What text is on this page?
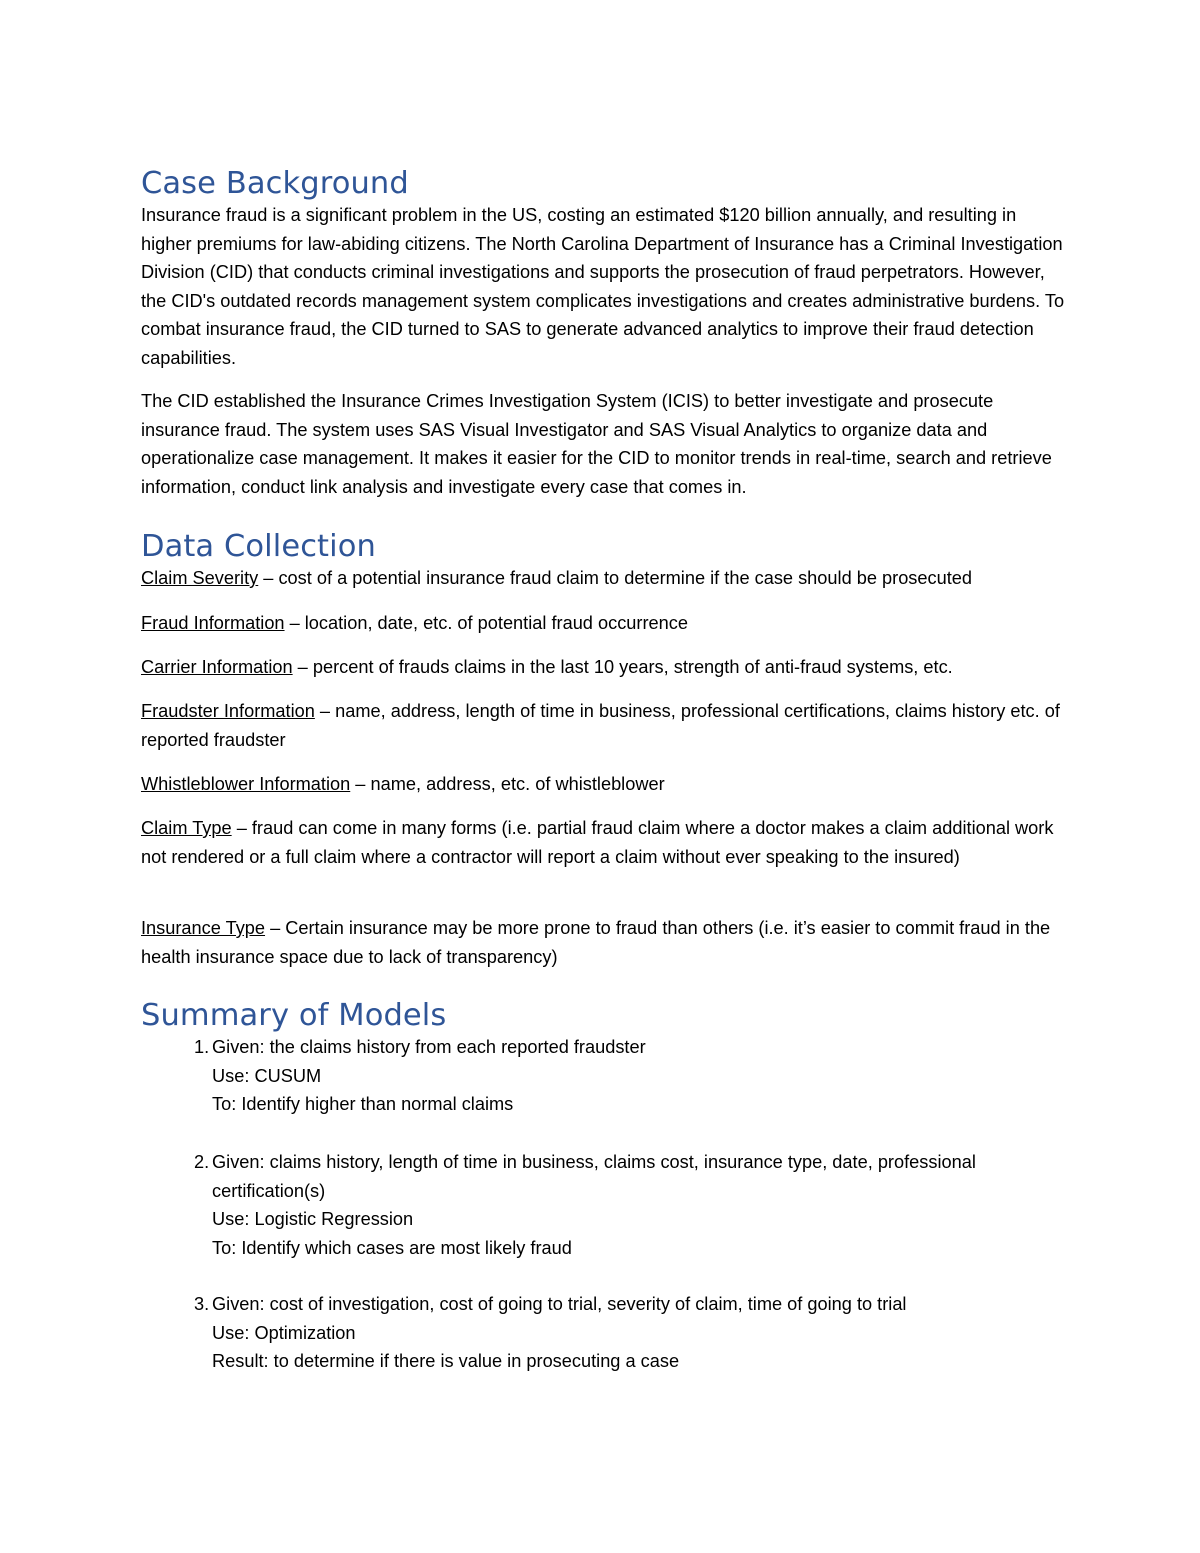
Case Background

Insurance fraud is a significant problem in the US, costing an estimated $120 billion annually, and resulting in higher premiums for law-abiding citizens. The North Carolina Department of Insurance has a Criminal Investigation Division (CID) that conducts criminal investigations and supports the prosecution of fraud perpetrators. However, the CID's outdated records management system complicates investigations and creates administrative burdens. To combat insurance fraud, the CID turned to SAS to generate advanced analytics to improve their fraud detection capabilities.

The CID established the Insurance Crimes Investigation System (ICIS) to better investigate and prosecute insurance fraud. The system uses SAS Visual Investigator and SAS Visual Analytics to organize data and operationalize case management. It makes it easier for the CID to monitor trends in real-time, search and retrieve information, conduct link analysis and investigate every case that comes in.

Data Collection

Claim Severity – cost of a potential insurance fraud claim to determine if the case should be prosecuted

Fraud Information – location, date, etc. of potential fraud occurrence

Carrier Information – percent of frauds claims in the last 10 years, strength of anti-fraud systems, etc.

Fraudster Information – name, address, length of time in business, professional certifications, claims history etc. of reported fraudster

Whistleblower Information – name, address, etc. of whistleblower

Claim Type – fraud can come in many forms (i.e. partial fraud claim where a doctor makes a claim additional work not rendered or a full claim where a contractor will report a claim without ever speaking to the insured)

Insurance Type – Certain insurance may be more prone to fraud than others (i.e. it’s easier to commit fraud in the health insurance space due to lack of transparency)

Summary of Models
1. Given: the claims history from each reported fraudster
Use: CUSUM
To: Identify higher than normal claims
2. Given: claims history, length of time in business, claims cost, insurance type, date, professional certification(s)
Use: Logistic Regression
To: Identify which cases are most likely fraud
3. Given: cost of investigation, cost of going to trial, severity of claim, time of going to trial
Use: Optimization
Result: to determine if there is value in prosecuting a case
